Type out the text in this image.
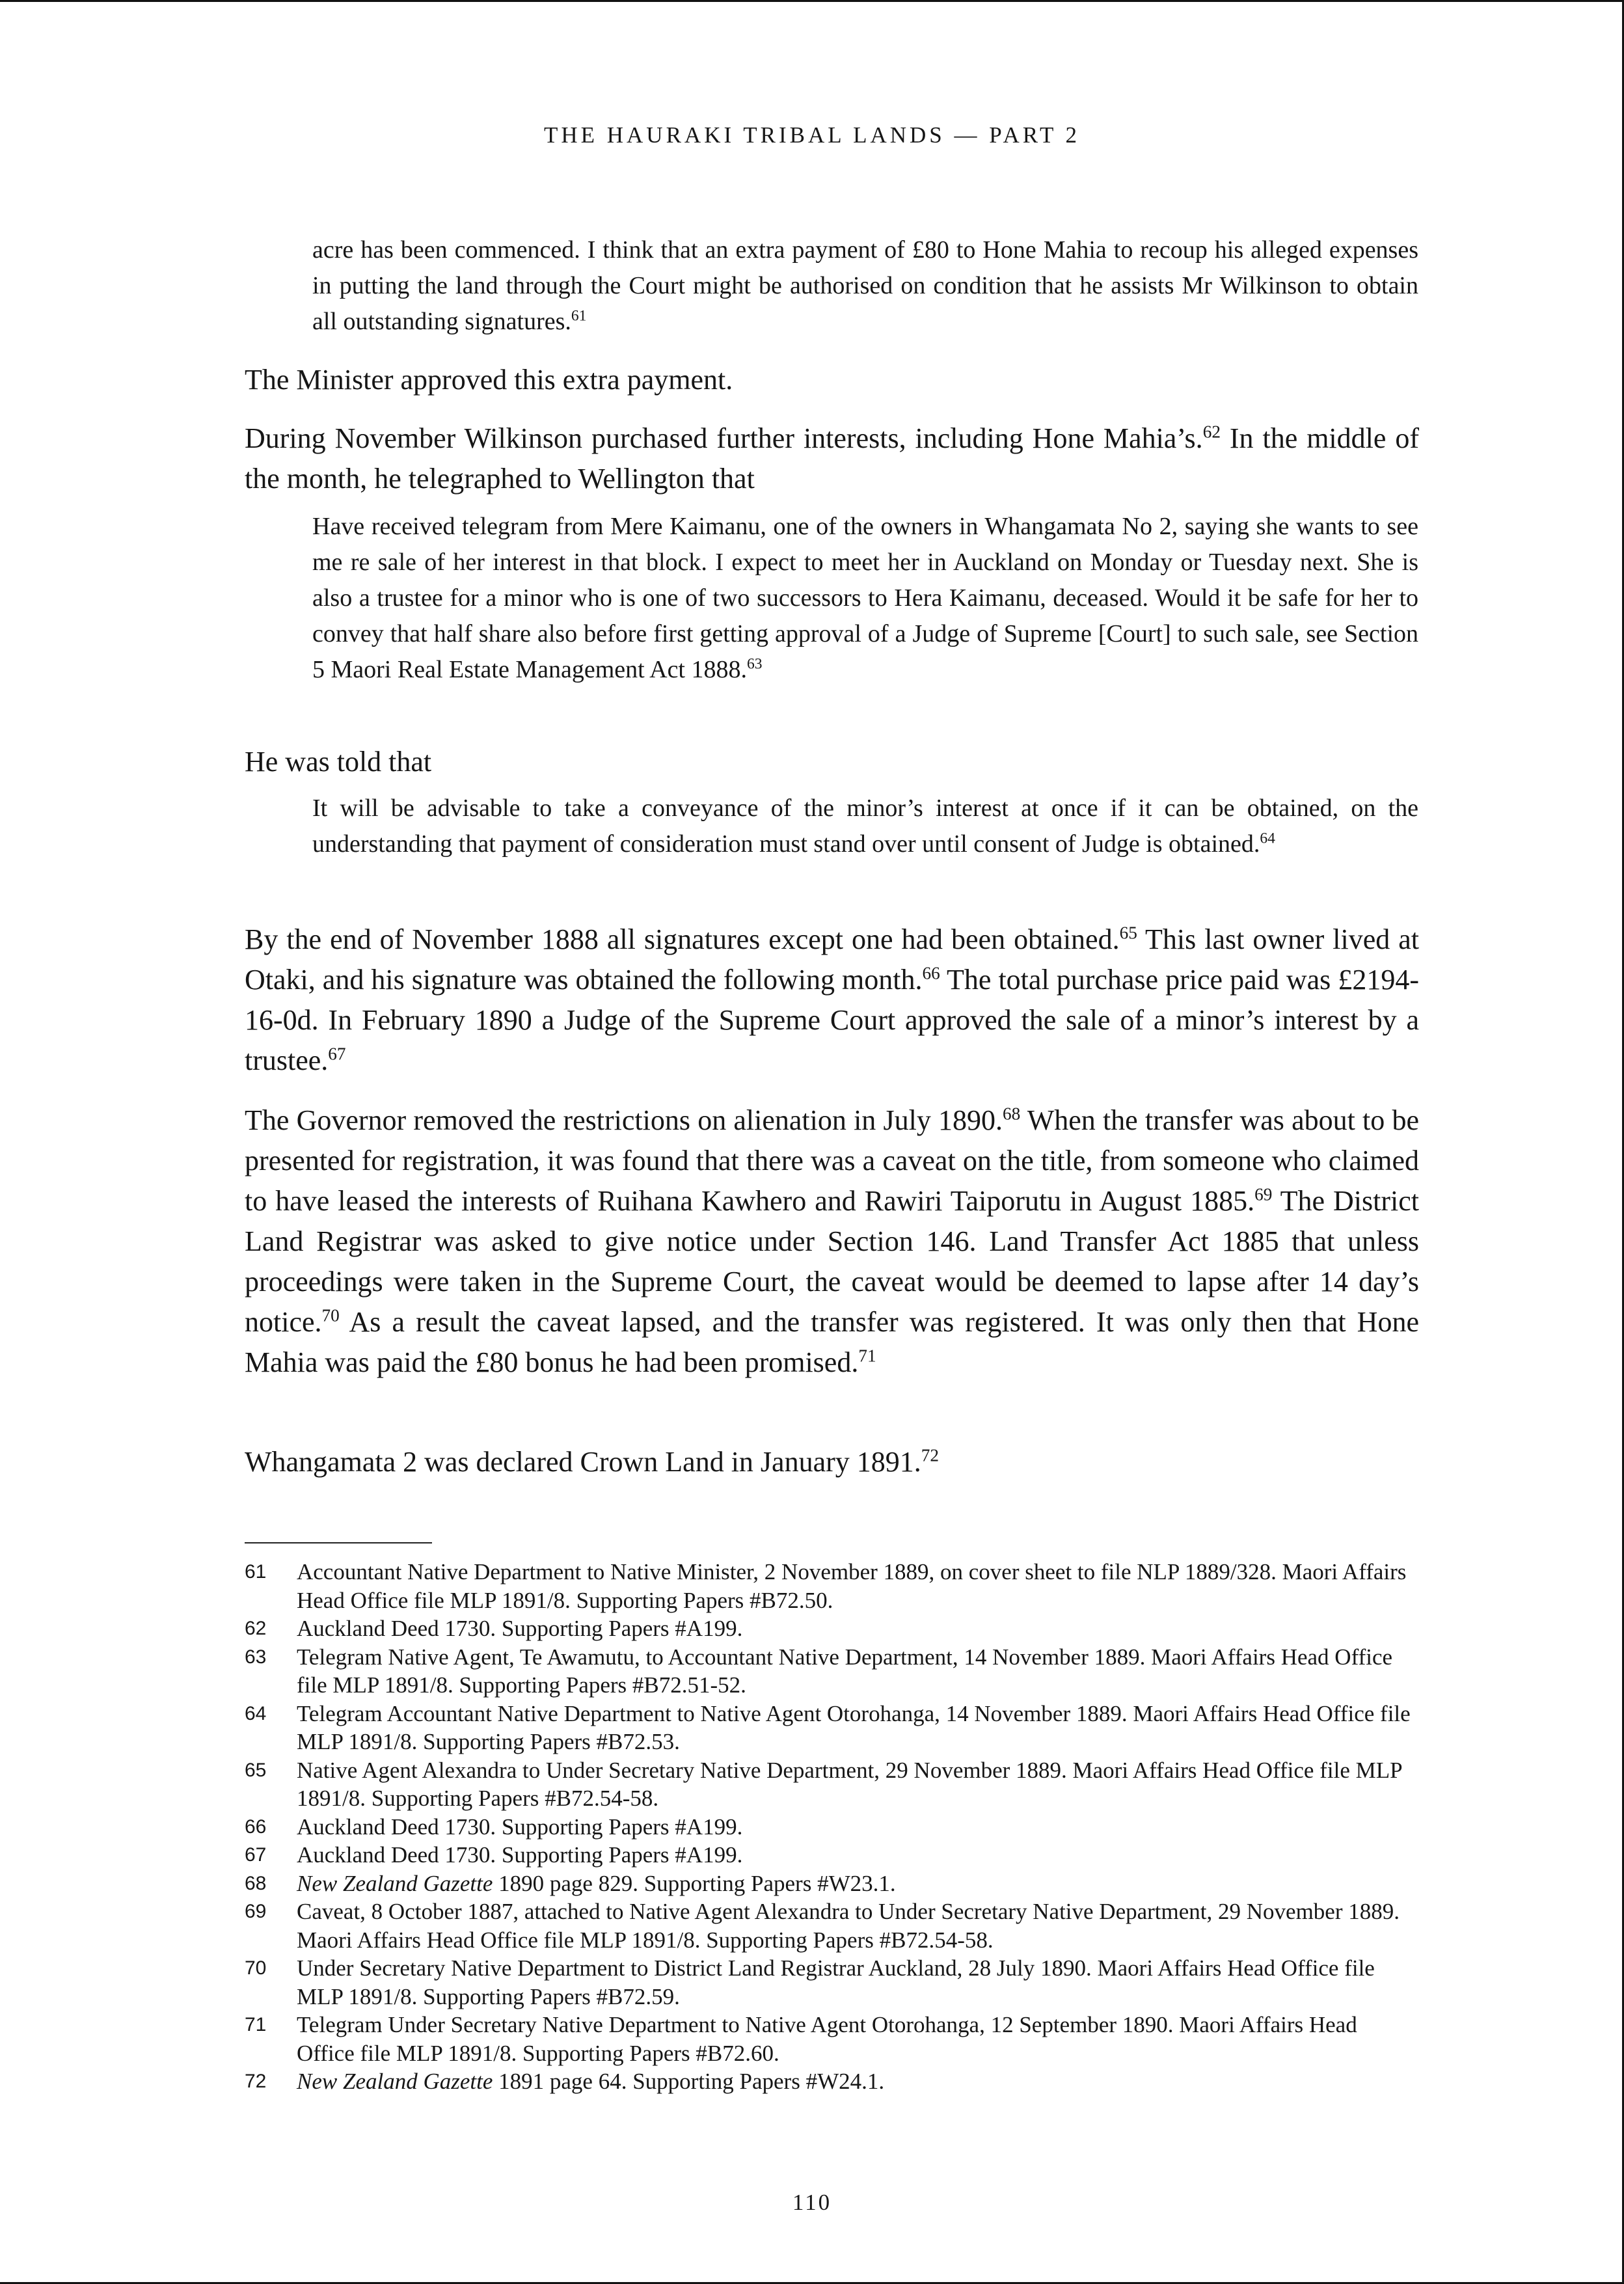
THE HAURAKI TRIBAL LANDS — PART 2
acre has been commenced. I think that an extra payment of £80 to Hone Mahia to recoup his alleged expenses in putting the land through the Court might be authorised on condition that he assists Mr Wilkinson to obtain all outstanding signatures.$^{61}$
The Minister approved this extra payment.
During November Wilkinson purchased further interests, including Hone Mahia’s.$^{62}$ In the middle of the month, he telegraphed to Wellington that
Have received telegram from Mere Kaimanu, one of the owners in Whangamata No 2, saying she wants to see me re sale of her interest in that block. I expect to meet her in Auckland on Monday or Tuesday next. She is also a trustee for a minor who is one of two successors to Hera Kaimanu, deceased. Would it be safe for her to convey that half share also before first getting approval of a Judge of Supreme [Court] to such sale, see Section 5 Maori Real Estate Management Act 1888.63
He was told that
It will be advisable to take a conveyance of the minor’s interest at once if it can be obtained, on the understanding that payment of consideration must stand over until consent of Judge is obtained.$^{64}$
By the end of November 1888 all signatures except one had been obtained.$^{65}$ This last owner lived at Otaki, and his signature was obtained the following month.$^{66}$ The total purchase price paid was £2194-16-0d. In February 1890 a Judge of the Supreme Court approved the sale of a minor’s interest by a trustee.$^{67}$
The Governor removed the restrictions on alienation in July 1890.68 When the transfer was about to be presented for registration, it was found that there was a caveat on the title, from someone who claimed to have leased the interests of Ruihana Kawhero and Rawiri Taiporutu in August 1885.69 The District Land Registrar was asked to give notice under Section 146. Land Transfer Act 1885 that unless proceedings were taken in the Supreme Court, the caveat would be deemed to lapse after 14 day’s notice.$^{70}$ As a result the caveat lapsed, and the transfer was registered. It was only then that Hone Mahia was paid the £80 bonus he had been promised.$^{71}$
Whangamata 2 was declared Crown Land in January 1891.72
61	Accountant Native Department to Native Minister, 2 November 1889, on cover sheet to file NLP 1889/328. Maori Affairs Head Office file MLP 1891/8. Supporting Papers #B72.50.
62	Auckland Deed 1730. Supporting Papers #A199.
63	Telegram Native Agent, Te Awamutu, to Accountant Native Department, 14 November 1889. Maori Affairs Head Office file MLP 1891/8. Supporting Papers #B72.51-52.
64	Telegram Accountant Native Department to Native Agent Otorohanga, 14 November 1889. Maori Affairs Head Office file MLP 1891/8. Supporting Papers #B72.53.
65	Native Agent Alexandra to Under Secretary Native Department, 29 November 1889. Maori Affairs Head Office file MLP 1891/8. Supporting Papers #B72.54-58.
66	Auckland Deed 1730. Supporting Papers #A199.
67	Auckland Deed 1730. Supporting Papers #A199.
68	New Zealand Gazette 1890 page 829. Supporting Papers #W23.1.
69	Caveat, 8 October 1887, attached to Native Agent Alexandra to Under Secretary Native Department, 29 November 1889. Maori Affairs Head Office file MLP 1891/8. Supporting Papers #B72.54-58.
70	Under Secretary Native Department to District Land Registrar Auckland, 28 July 1890. Maori Affairs Head Office file MLP 1891/8. Supporting Papers #B72.59.
71	Telegram Under Secretary Native Department to Native Agent Otorohanga, 12 September 1890. Maori Affairs Head Office file MLP 1891/8. Supporting Papers #B72.60.
72	New Zealand Gazette 1891 page 64. Supporting Papers #W24.1.
110
